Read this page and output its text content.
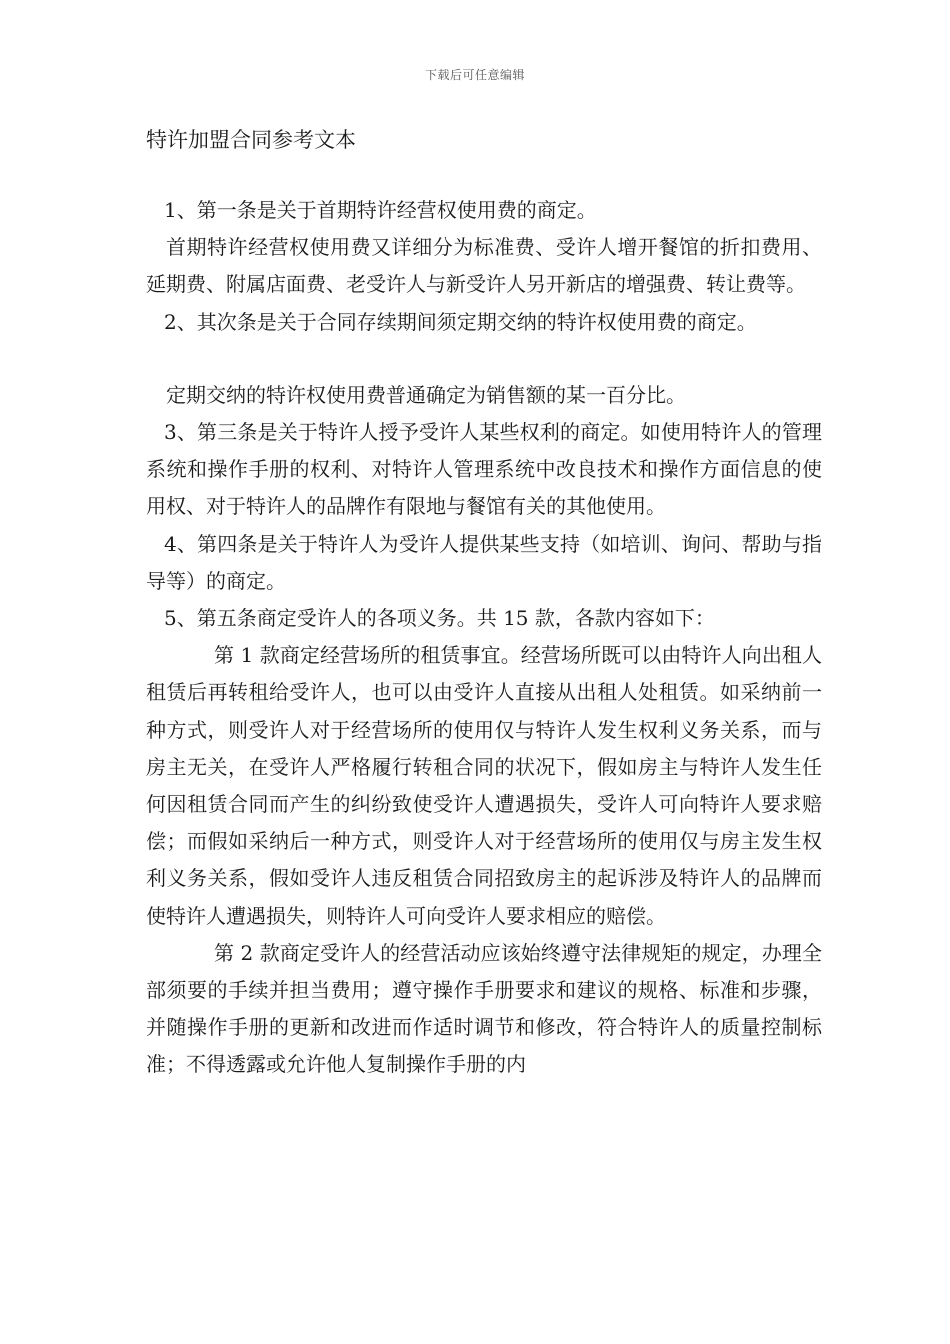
下载后可任意编辑
特许加盟合同参考文本

1、第一条是关于首期特许经营权使用费的商定。

首期特许经营权使用费又详细分为标准费、受许人增开餐馆的折扣费用、延期费、附属店面费、老受许人与新受许人另开新店的增强费、转让费等。

2、其次条是关于合同存续期间须定期交纳的特许权使用费的商定。

定期交纳的特许权使用费普通确定为销售额的某一百分比。

3、第三条是关于特许人授予受许人某些权利的商定。如使用特许人的管理系统和操作手册的权利、对特许人管理系统中改良技术和操作方面信息的使用权、对于特许人的品牌作有限地与餐馆有关的其他使用。

4、第四条是关于特许人为受许人提供某些支持（如培训、询问、帮助与指导等）的商定。

5、第五条商定受许人的各项义务。共 15 款，各款内容如下：

第 1 款商定经营场所的租赁事宜。经营场所既可以由特许人向出租人租赁后再转租给受许人，也可以由受许人直接从出租人处租赁。如采纳前一种方式，则受许人对于经营场所的使用仅与特许人发生权利义务关系，而与房主无关，在受许人严格履行转租合同的状况下，假如房主与特许人发生任何因租赁合同而产生的纠纷致使受许人遭遇损失，受许人可向特许人要求赔偿；而假如采纳后一种方式，则受许人对于经营场所的使用仅与房主发生权利义务关系，假如受许人违反租赁合同招致房主的起诉涉及特许人的品牌而使特许人遭遇损失，则特许人可向受许人要求相应的赔偿。

第 2 款商定受许人的经营活动应该始终遵守法律规矩的规定，办理全部须要的手续并担当费用；遵守操作手册要求和建议的规格、标准和步骤，并随操作手册的更新和改进而作适时调节和修改，符合特许人的质量控制标准；不得透露或允许他人复制操作手册的内
